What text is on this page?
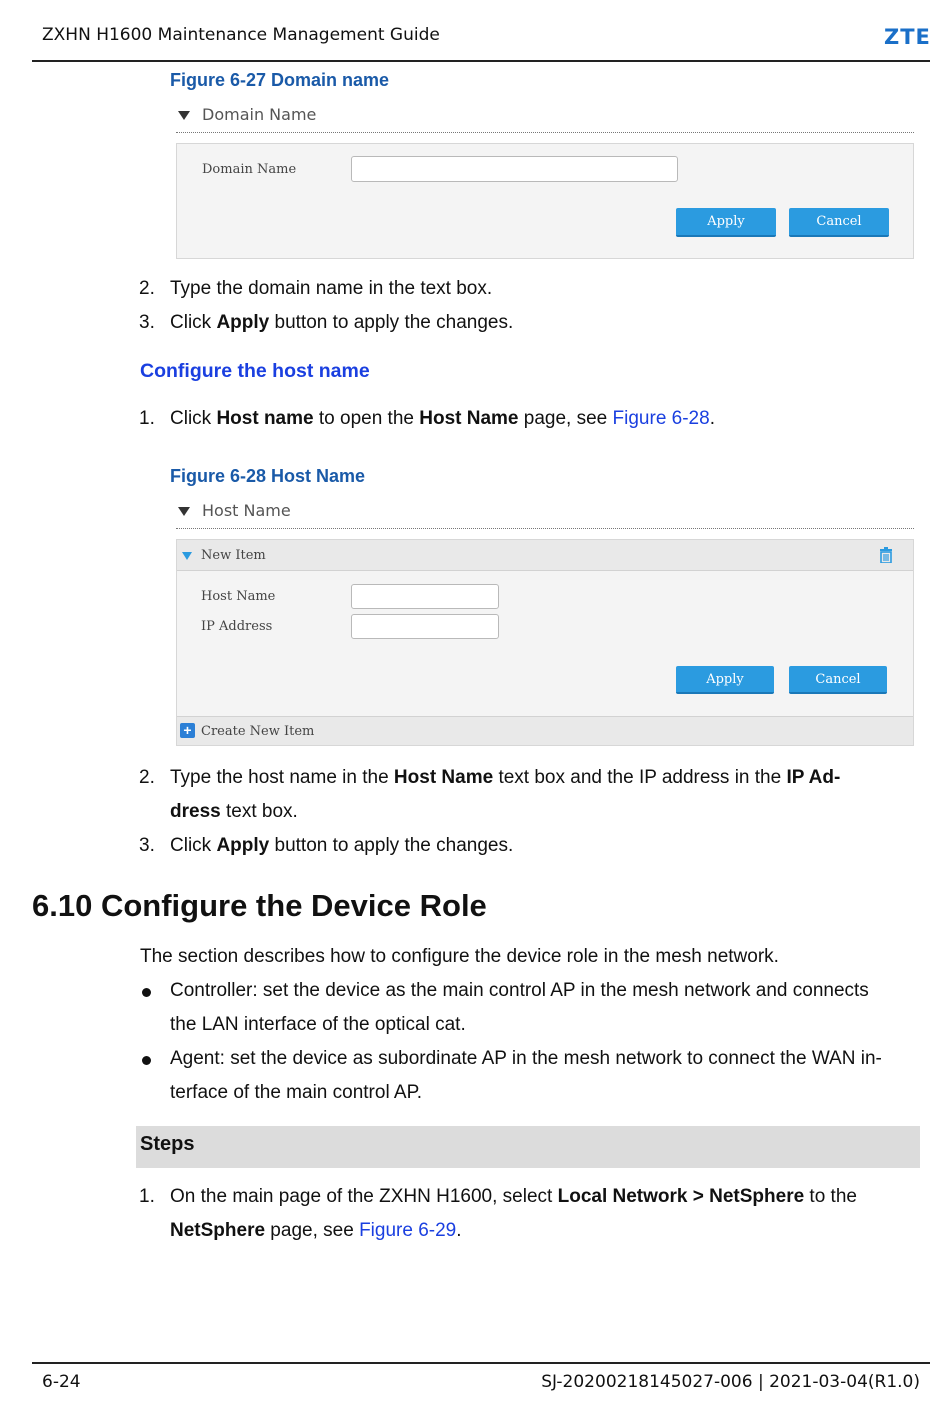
ZXHN H1600 Maintenance Management Guide	ZTE
Figure 6-27 Domain name
Domain Name
Domain Name
Apply	Cancel
2. Type the domain name in the text box.
3. Click Apply button to apply the changes.
Configure the host name
1. Click Host name to open the Host Name page, see Figure 6-28.
Figure 6-28 Host Name
Host Name
New Item
Host Name
IP Address
Apply	Cancel
+ Create New Item
2. Type the host name in the Host Name text box and the IP address in the IP Ad-
dress text box.
3. Click Apply button to apply the changes.
6.10 Configure the Device Role
The section describes how to configure the device role in the mesh network.
Controller: set the device as the main control AP in the mesh network and connects
the LAN interface of the optical cat.
Agent: set the device as subordinate AP in the mesh network to connect the WAN in-
terface of the main control AP.
Steps
1. On the main page of the ZXHN H1600, select Local Network > NetSphere to the
NetSphere page, see Figure 6-29.
6-24	SJ-20200218145027-006 | 2021-03-04(R1.0)
